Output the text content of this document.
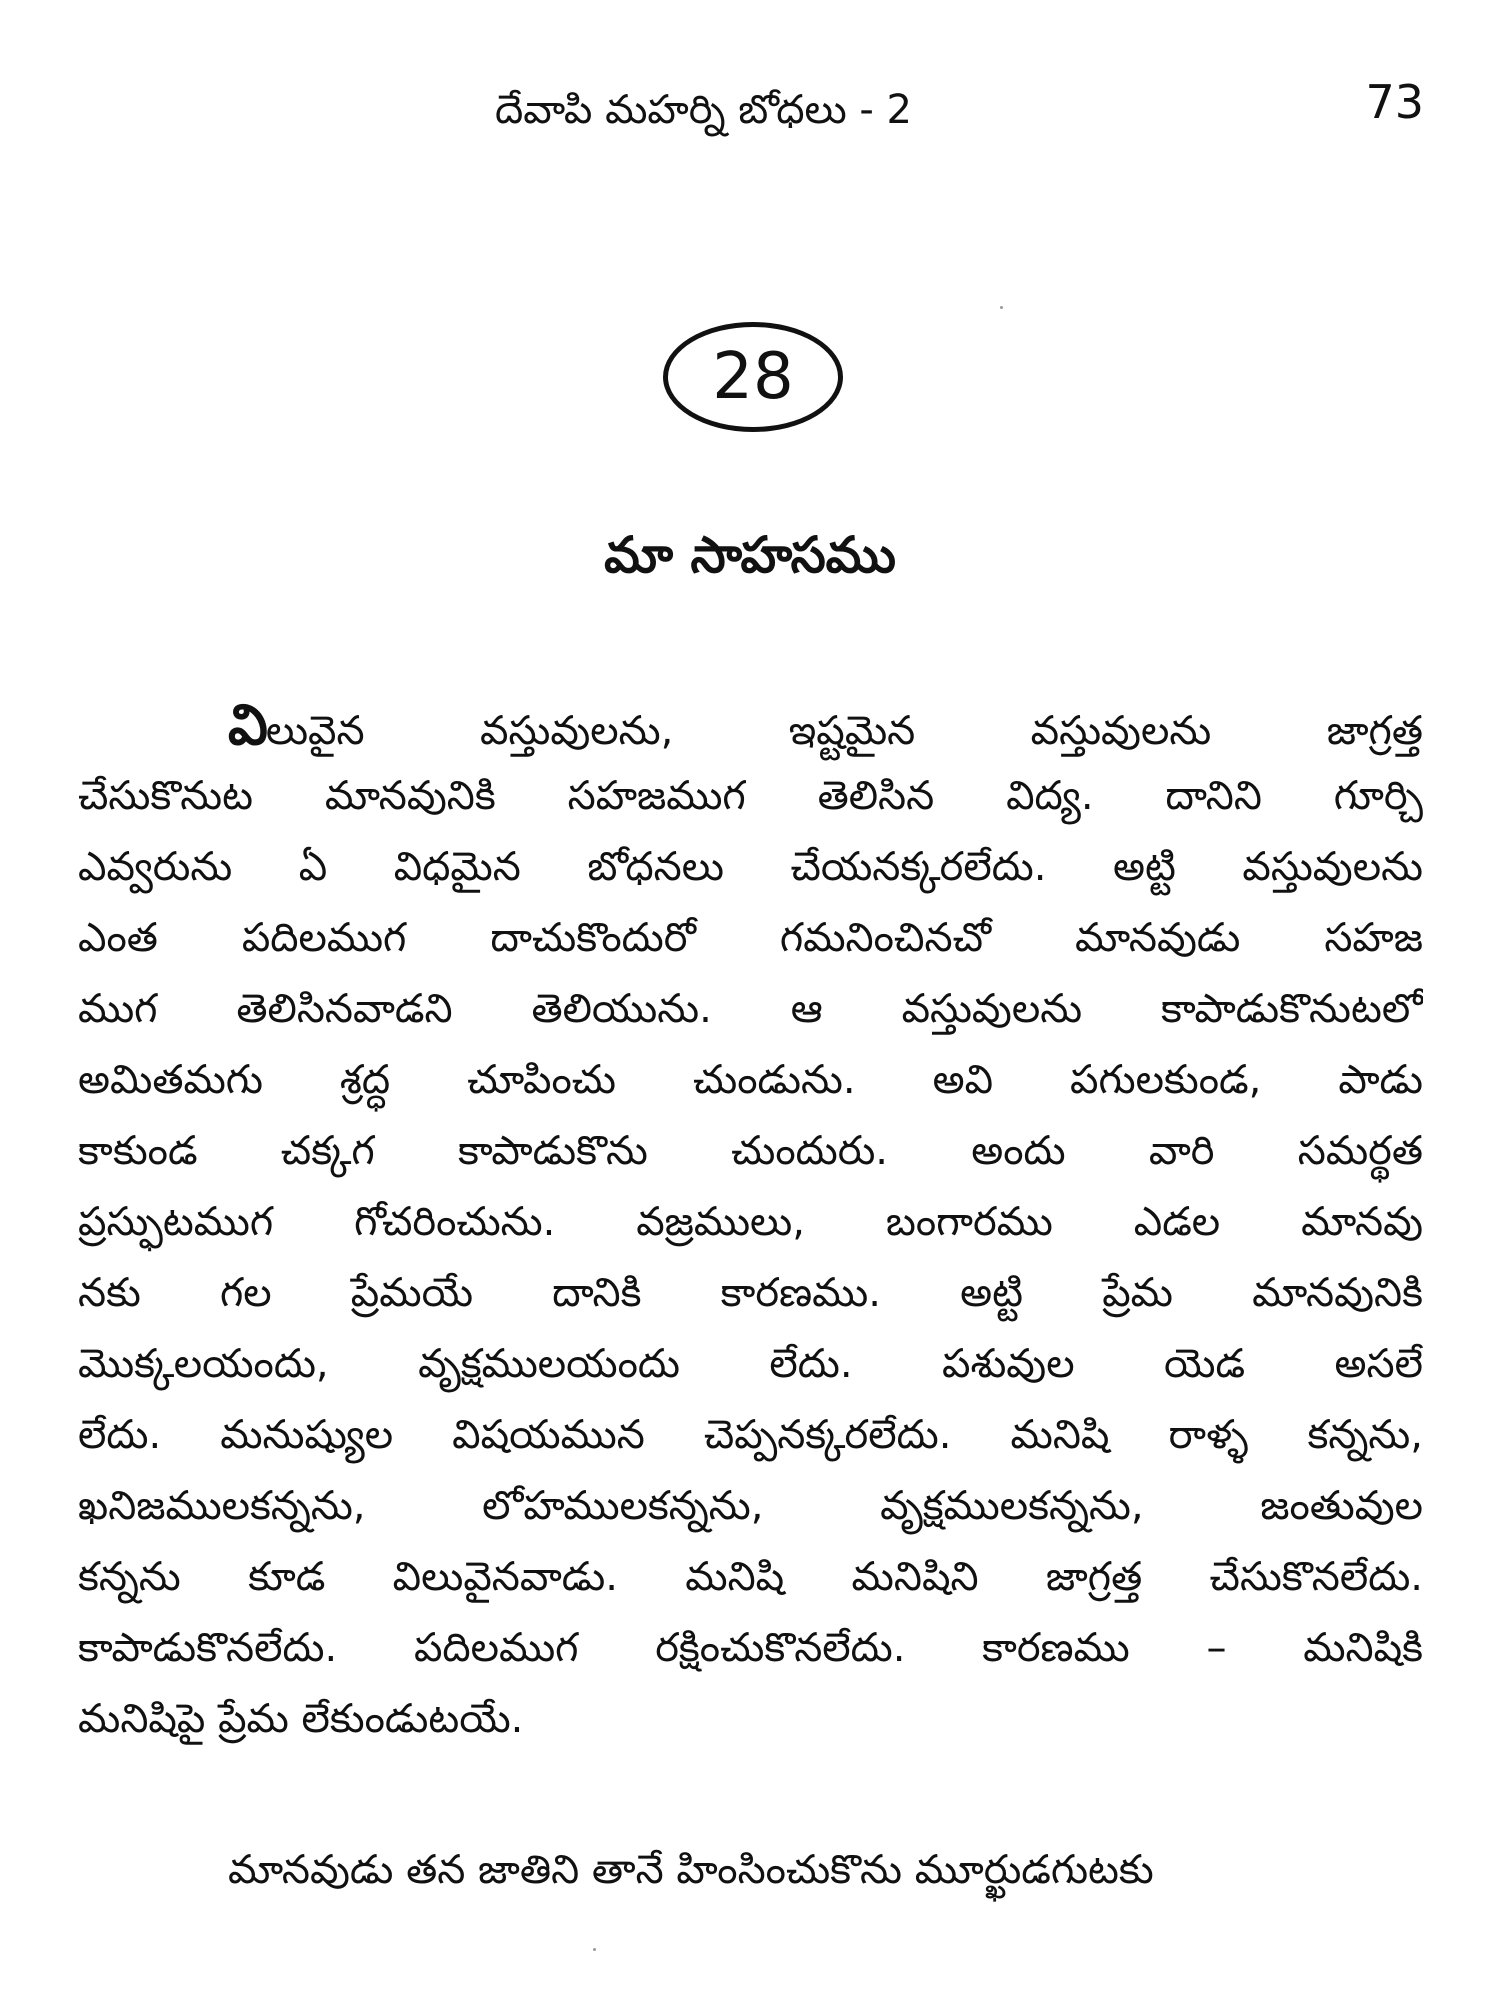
దేవాపి మహర్ని బోధలు - 2	73
28
మా సాహసము
విలువైన వస్తువులను, ఇష్టమైన వస్తువులను జాగ్రత్త
చేసుకొనుట మానవునికి సహజముగ తెలిసిన విద్య. దానిని గూర్చి
ఎవ్వరును ఏ విధమైన బోధనలు చేయనక్కరలేదు. అట్టి వస్తువులను
ఎంత పదిలముగ దాచుకొందురో గమనించినచో మానవుడు సహజ
ముగ తెలిసినవాడని తెలియును. ఆ వస్తువులను కాపాడుకొనుటలో
అమితమగు శ్రద్ధ చూపించు చుండును. అవి పగులకుండ, పాడు
కాకుండ చక్కగ కాపాడుకొను చుందురు. అందు వారి సమర్థత
ప్రస్ఫుటముగ గోచరించును. వజ్రములు, బంగారము ఎడల మానవు
నకు గల ప్రేమయే దానికి కారణము. అట్టి ప్రేమ మానవునికి
మొక్కలయందు, వృక్షములయందు లేదు. పశువుల యెడ అసలే
లేదు. మనుష్యుల విషయమున చెప్పనక్కరలేదు. మనిషి రాళ్ళ కన్నను,
ఖనిజములకన్నను, లోహములకన్నను, వృక్షములకన్నను, జంతువుల
కన్నను కూడ విలువైనవాడు. మనిషి మనిషిని జాగ్రత్త చేసుకొనలేదు.
కాపాడుకొనలేదు. పదిలముగ రక్షించుకొనలేదు. కారణము – మనిషికి
మనిషిపై ప్రేమ లేకుండుటయే.
మానవుడు తన జాతిని తానే హింసించుకొను మూర్ఖుడగుటకు
